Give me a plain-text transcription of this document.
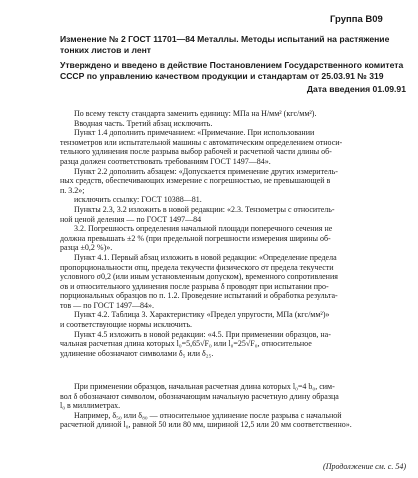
Группа В09
Изменение № 2 ГОСТ 11701—84 Металлы. Методы испытаний на растяжение
тонких листов и лент
Утверждено и введено в действие Постановлением Государственного комитета
СССР по управлению качеством продукции и стандартам от 25.03.91 № 319
Дата введения 01.09.91
По всему тексту стандарта заменить единицу: МПа на Н/мм² (кгс/мм²).
Вводная часть. Третий абзац исключить.
Пункт 1.4 дополнить примечанием: «Примечание. При использовании
тензометров или испытательной машины с автоматическим определением относи-
тельного удлинения после разрыва выбор рабочей и расчетной части длины об-
разца должен соответствовать требованиям ГОСТ 1497—84».
Пункт 2.2 дополнить абзацем: «Допускается применение других измеритель-
ных средств, обеспечивающих измерение с погрешностью, не превышающей в
п. 3.2»;
исключить ссылку: ГОСТ 10388—81.
Пункты 2.3, 3.2 изложить в новой редакции: «2.3. Тензометры с относитель-
ной ценой деления — по ГОСТ 1497—84
3.2. Погрешность определения начальной площади поперечного сечения не
должна превышать ±2 % (при предельной погрешности измерения ширины об-
разца ±0,2 %)».
Пункт 4.1. Первый абзац изложить в новой редакции: «Определение предела
пропорциональности σпц, предела текучести физического σт предела текучести
условного σ0,2 (или иным установленным допуском), временного сопротивления
σв и относительного удлинения после разрыва δ проводят при испытании про-
порциональных образцов по п. 1.2. Проведение испытаний и обработка результа-
тов — по ГОСТ 1497—84».
Пункт 4.2. Таблица 3. Характеристику «Предел упругости, МПа (кгс/мм²)»
и соответствующие нормы исключить.
Пункт 4.5 изложить в новой редакции: «4.5. При применении образцов, на-
чальная расчетная длина которых l₀=5,65√F₀ или l₀=25√F₀, относительное
удлинение обозначают символами δ₅ или δ₂₅.
При применении образцов, начальная расчетная длина которых l₀=4 b₀, сим-
вол δ обозначают символом, обозначающим начальную расчетную длину образца
l₀ в миллиметрах.
Например, δ₅₀ или δ₈₀ — относительное удлинение после разрыва с начальной
расчетной длиной l₀, равной 50 или 80 мм, шириной 12,5 или 20 мм соответственно».
(Продолжение см. с. 54)
